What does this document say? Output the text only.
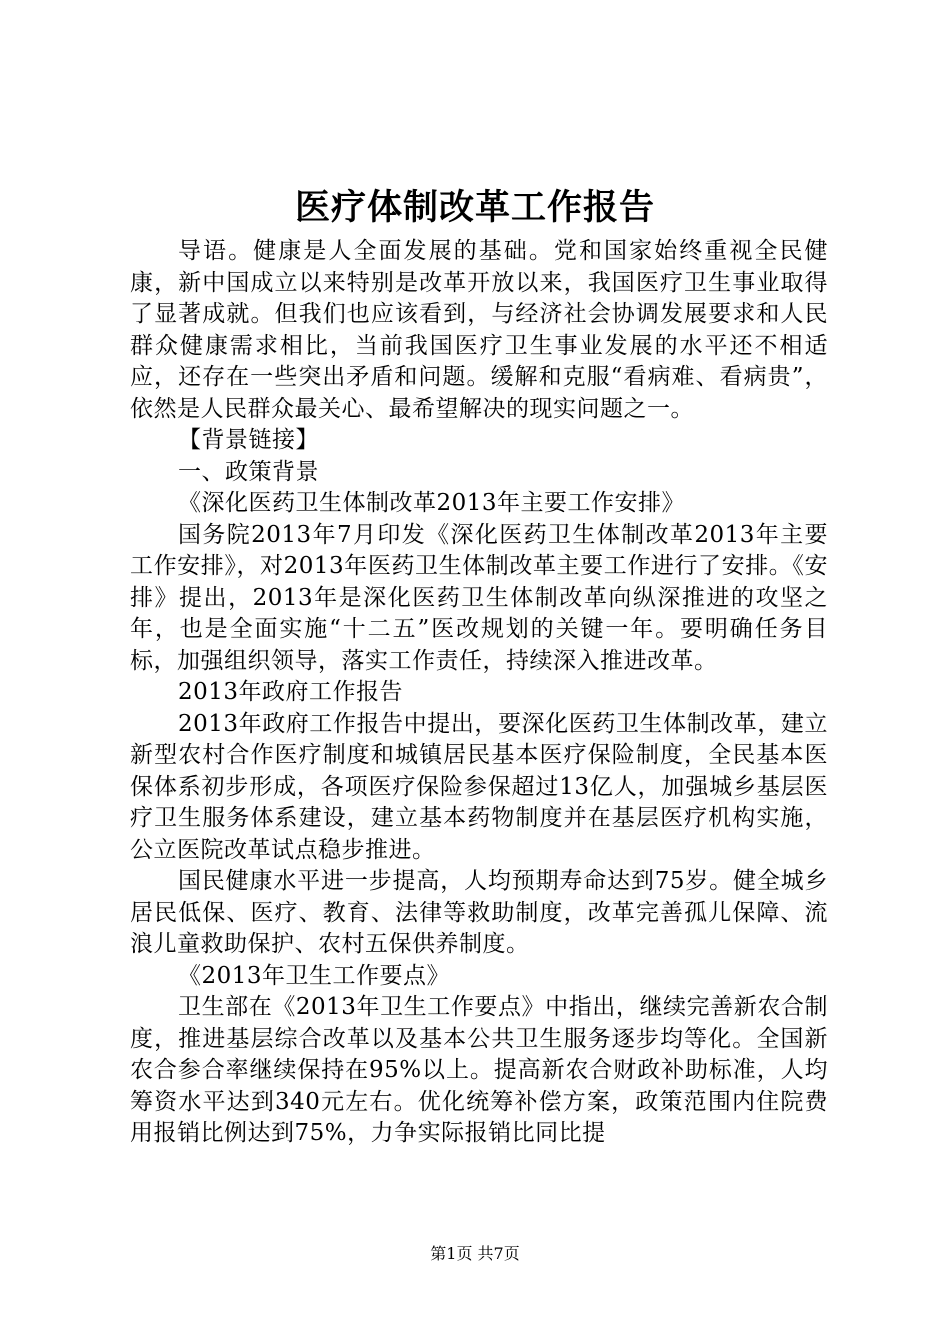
医疗体制改革工作报告

导语。健康是人全面发展的基础。党和国家始终重视全民健康，新中国成立以来特别是改革开放以来，我国医疗卫生事业取得了显著成就。但我们也应该看到，与经济社会协调发展要求和人民群众健康需求相比，当前我国医疗卫生事业发展的水平还不相适应，还存在一些突出矛盾和问题。缓解和克服“看病难、看病贵”，依然是人民群众最关心、最希望解决的现实问题之一。

【背景链接】

一、政策背景

《深化医药卫生体制改革2013年主要工作安排》

国务院2013年7月印发《深化医药卫生体制改革2013年主要工作安排》，对2013年医药卫生体制改革主要工作进行了安排。《安排》提出，2013年是深化医药卫生体制改革向纵深推进的攻坚之年，也是全面实施“十二五”医改规划的关键一年。要明确任务目标，加强组织领导，落实工作责任，持续深入推进改革。

2013年政府工作报告

2013年政府工作报告中提出，要深化医药卫生体制改革，建立新型农村合作医疗制度和城镇居民基本医疗保险制度，全民基本医保体系初步形成，各项医疗保险参保超过13亿人，加强城乡基层医疗卫生服务体系建设，建立基本药物制度并在基层医疗机构实施，公立医院改革试点稳步推进。

国民健康水平进一步提高，人均预期寿命达到75岁。健全城乡居民低保、医疗、教育、法律等救助制度，改革完善孤儿保障、流浪儿童救助保护、农村五保供养制度。

《2013年卫生工作要点》

卫生部在《2013年卫生工作要点》中指出，继续完善新农合制度，推进基层综合改革以及基本公共卫生服务逐步均等化。全国新农合参合率继续保持在95%以上。提高新农合财政补助标准，人均筹资水平达到340元左右。优化统筹补偿方案，政策范围内住院费用报销比例达到75%，力争实际报销比同比提

第1页 共7页
